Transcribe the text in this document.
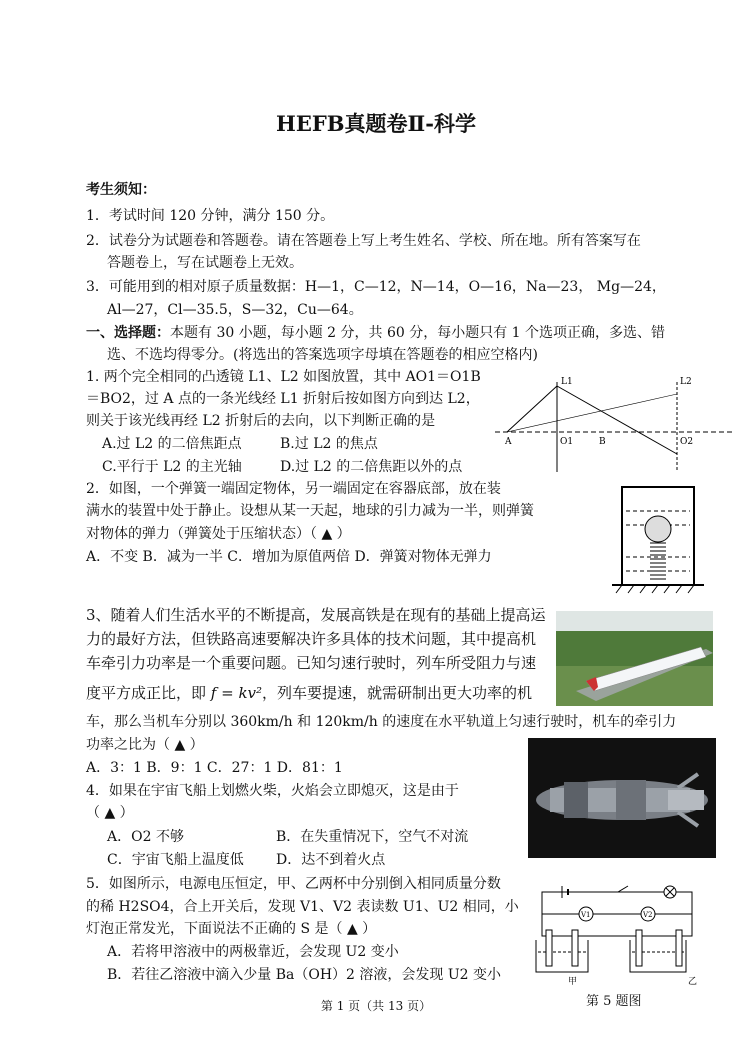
HEFB真题卷Ⅱ-科学
考生须知：
1．考试时间 120 分钟，满分 150 分。
2．试卷分为试题卷和答题卷。请在答题卷上写上考生姓名、学校、所在地。所有答案写在
答题卷上，写在试题卷上无效。
3．可能用到的相对原子质量数据：H—1，C—12，N—14，O—16，Na—23， Mg—24，
Al—27，Cl—35.5，S—32，Cu—64。
一、选择题：本题有 30 小题，每小题 2 分，共 60 分，每小题只有 1 个选项正确，多选、错
选、不选均得零分。(将选出的答案选项字母填在答题卷的相应空格内)
1. 两个完全相同的凸透镜 L1、L2 如图放置，其中 AO1＝O1B
＝BO2，过 A 点的一条光线经 L1 折射后按如图方向到达 L2，
则关于该光线再经 L2 折射后的去向，以下判断正确的是
A.过 L2 的二倍焦距点	B.过 L2 的焦点
C.平行于 L2 的主光轴	D.过 L2 的二倍焦距以外的点
L1	L2
A	O1	B	O2
2．如图，一个弹簧一端固定物体，另一端固定在容器底部，放在装
满水的装置中处于静止。设想从某一天起，地球的引力减为一半，则弹簧
对物体的弹力（弹簧处于压缩状态）（ ▲ ）
A．不变 B．减为一半 C．增加为原值两倍 D．弹簧对物体无弹力
3、随着人们生活水平的不断提高，发展高铁是在现有的基础上提高运
力的最好方法，但铁路高速要解决许多具体的技术问题，其中提高机
车牵引力功率是一个重要问题。已知匀速行驶时，列车所受阻力与速
度平方成正比，即 f = kv²，列车要提速，就需研制出更大功率的机
车，那么当机车分别以 360km/h 和 120km/h 的速度在水平轨道上匀速行驶时，机车的牵引力
功率之比为（ ▲ ）
A．3：1 B．9：1 C．27：1 D．81：1
4．如果在宇宙飞船上划燃火柴，火焰会立即熄灭，这是由于
（ ▲ ）
A．O2 不够	B．在失重情况下，空气不对流
C．宇宙飞船上温度低 D．达不到着火点
5．如图所示，电源电压恒定，甲、乙两杯中分别倒入相同质量分数
的稀 H2SO4，合上开关后，发现 V1、V2 表读数 U1、U2 相同，小
灯泡正常发光，下面说法不正确的 S 是（ ▲ ）
A．若将甲溶液中的两极靠近，会发现 U2 变小
B．若往乙溶液中滴入少量 Ba（OH）2 溶液，会发现 U2 变小
V1	V2
甲	乙
第 5 题图
第 1 页（共 13 页）
